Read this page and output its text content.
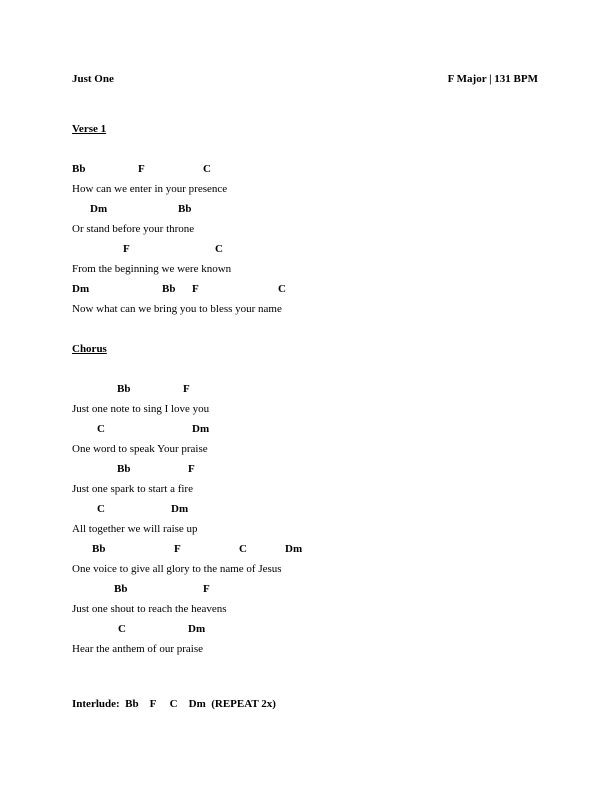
Just One	F Major | 131 BPM
Verse 1
Bb	F	C
How can we enter in your presence
Dm	Bb
Or stand before your throne
F	C
From the beginning we were known
Dm	Bb F	C
Now what can we bring you to bless your name
Chorus
Bb	F
Just one note to sing I love you
C	Dm
One word to speak Your praise
Bb	F
Just one spark to start a fire
C	Dm
All together we will raise up
Bb	F	C	Dm
One voice to give all glory to the name of Jesus
Bb	F
Just one shout to reach the heavens
C	Dm
Hear the anthem of our praise
Interlude:  Bb    F     C    Dm  (REPEAT 2x)
